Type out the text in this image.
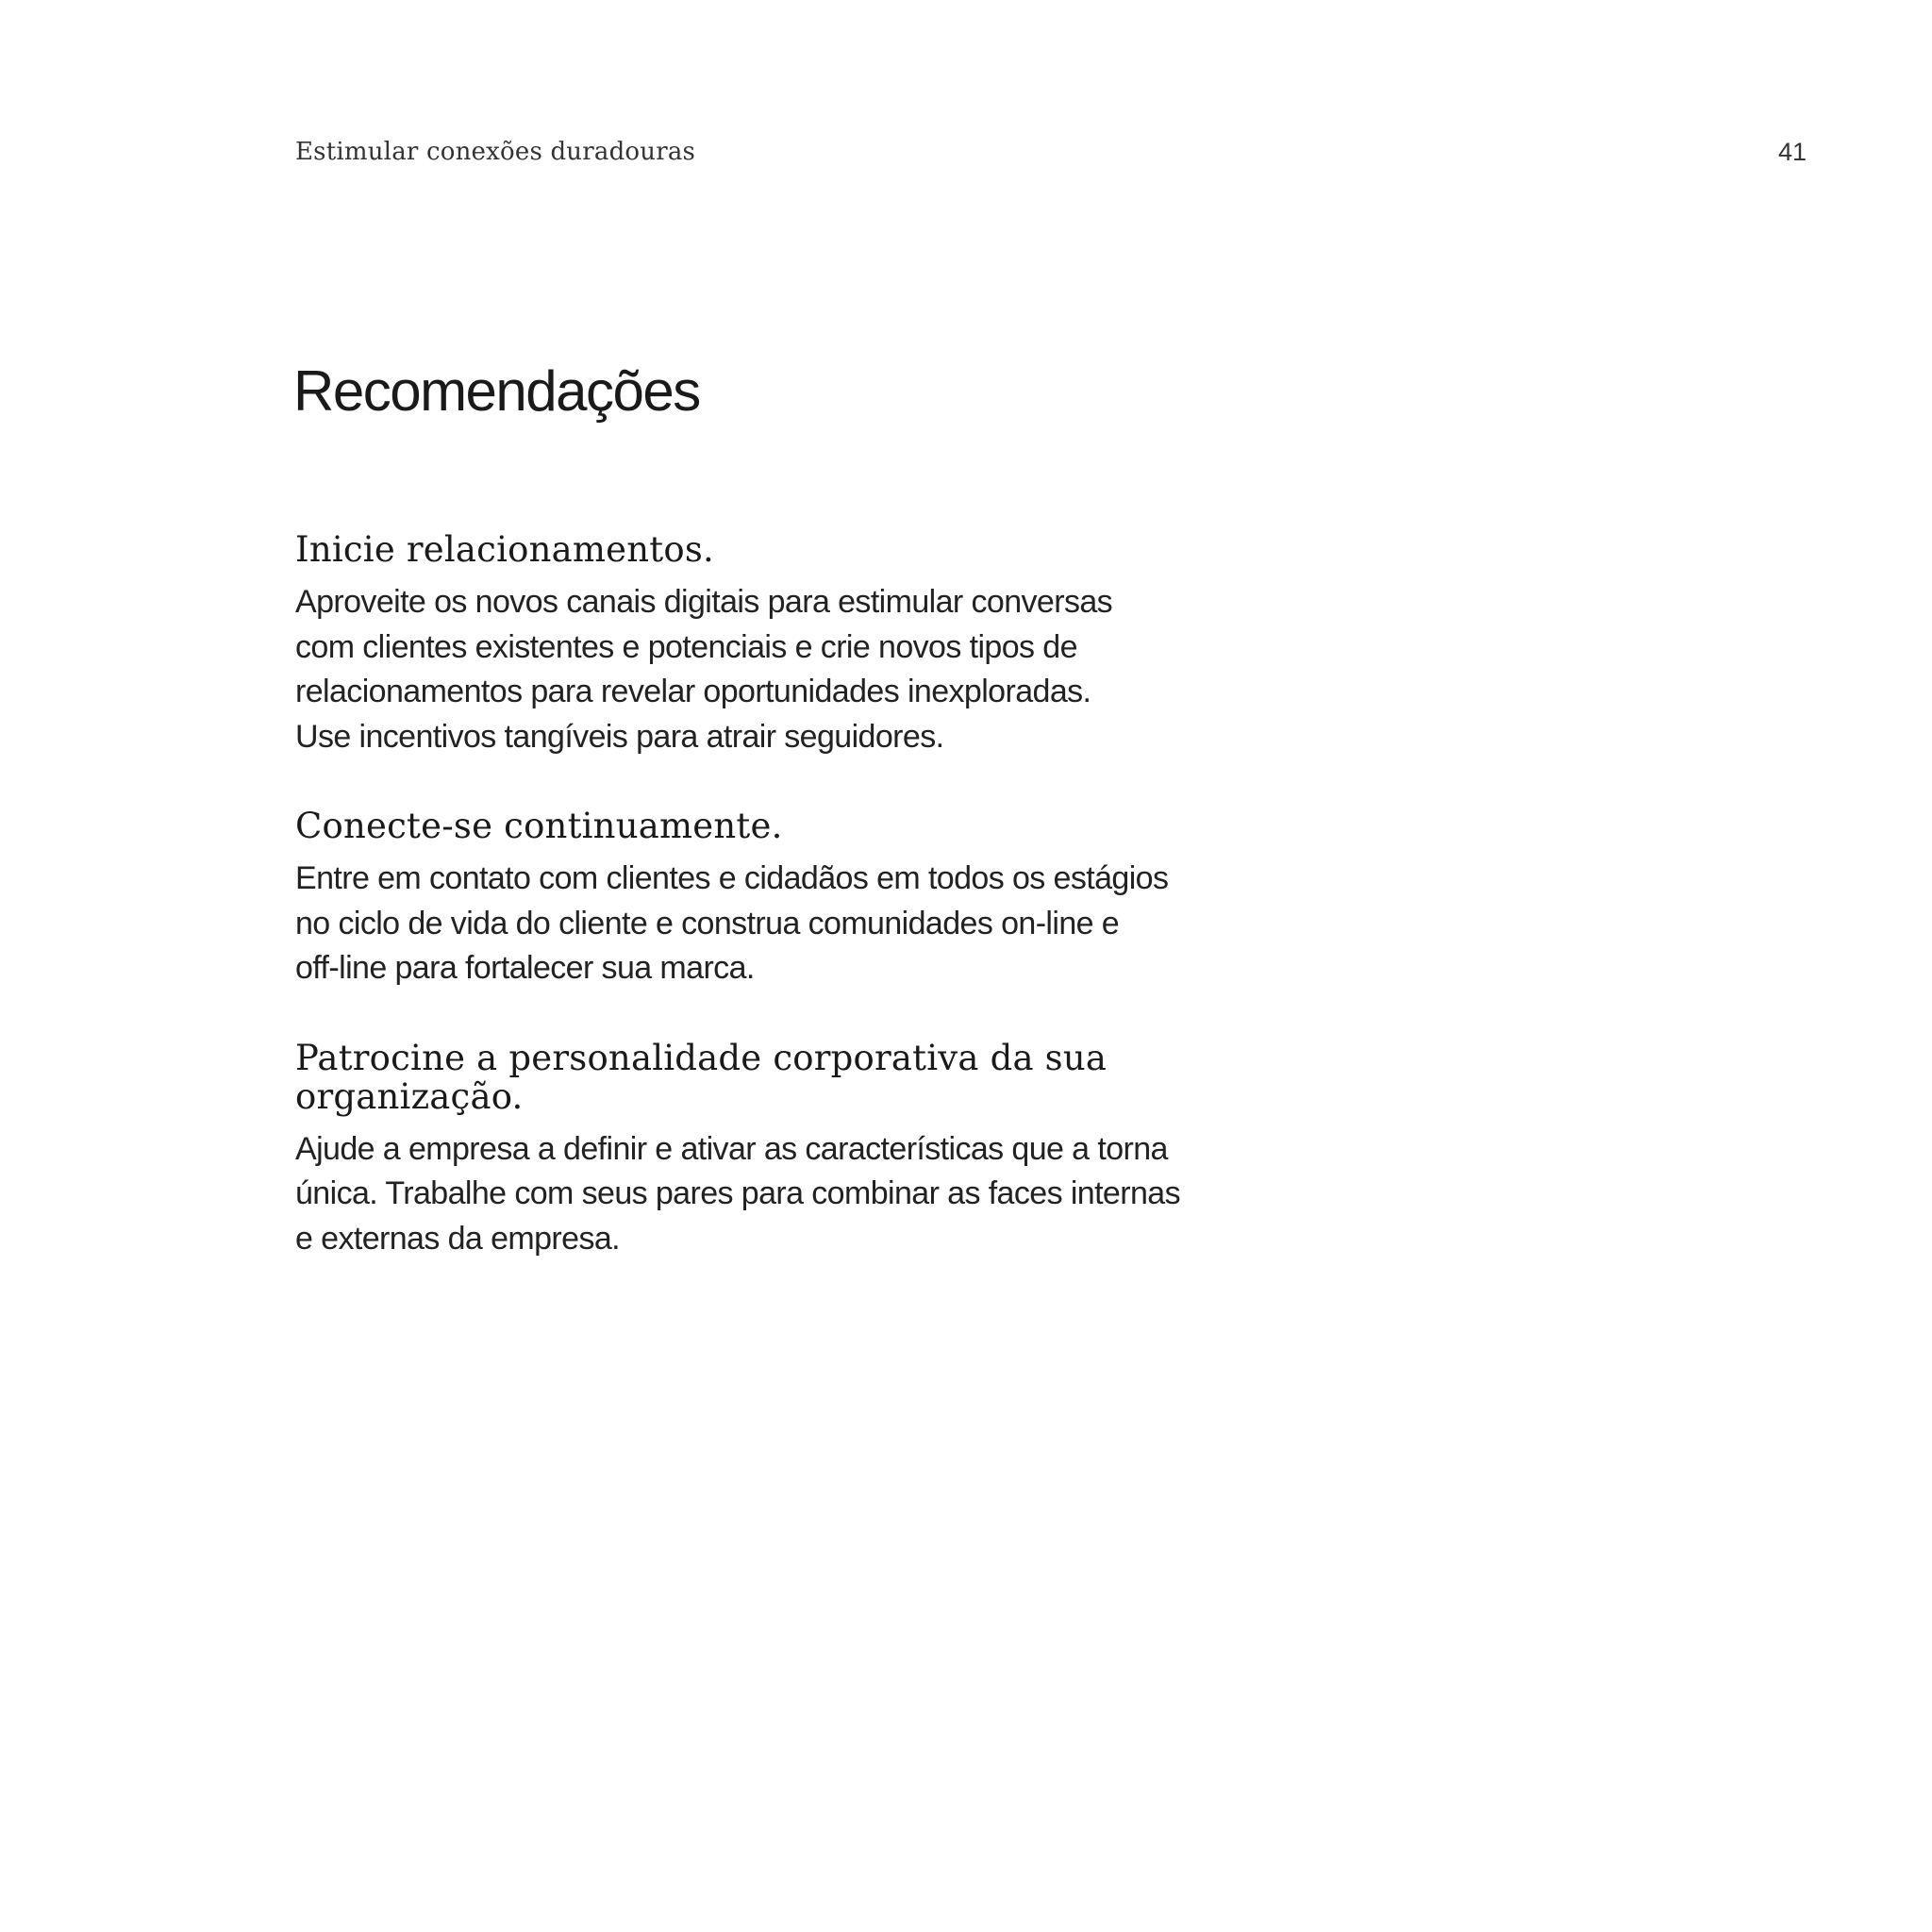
Estimular conexões duradouras	41
Recomendações
Inicie relacionamentos.

Aproveite os novos canais digitais para estimular conversas
com clientes existentes e potenciais e crie novos tipos de
relacionamentos para revelar oportunidades inexploradas.
Use incentivos tangíveis para atrair seguidores.

Conecte-se continuamente.

Entre em contato com clientes e cidadãos em todos os estágios
no ciclo de vida do cliente e construa comunidades on-line e
off-line para fortalecer sua marca.

Patrocine a personalidade corporativa da sua
organização.

Ajude a empresa a definir e ativar as características que a torna
única. Trabalhe com seus pares para combinar as faces internas
e externas da empresa.
